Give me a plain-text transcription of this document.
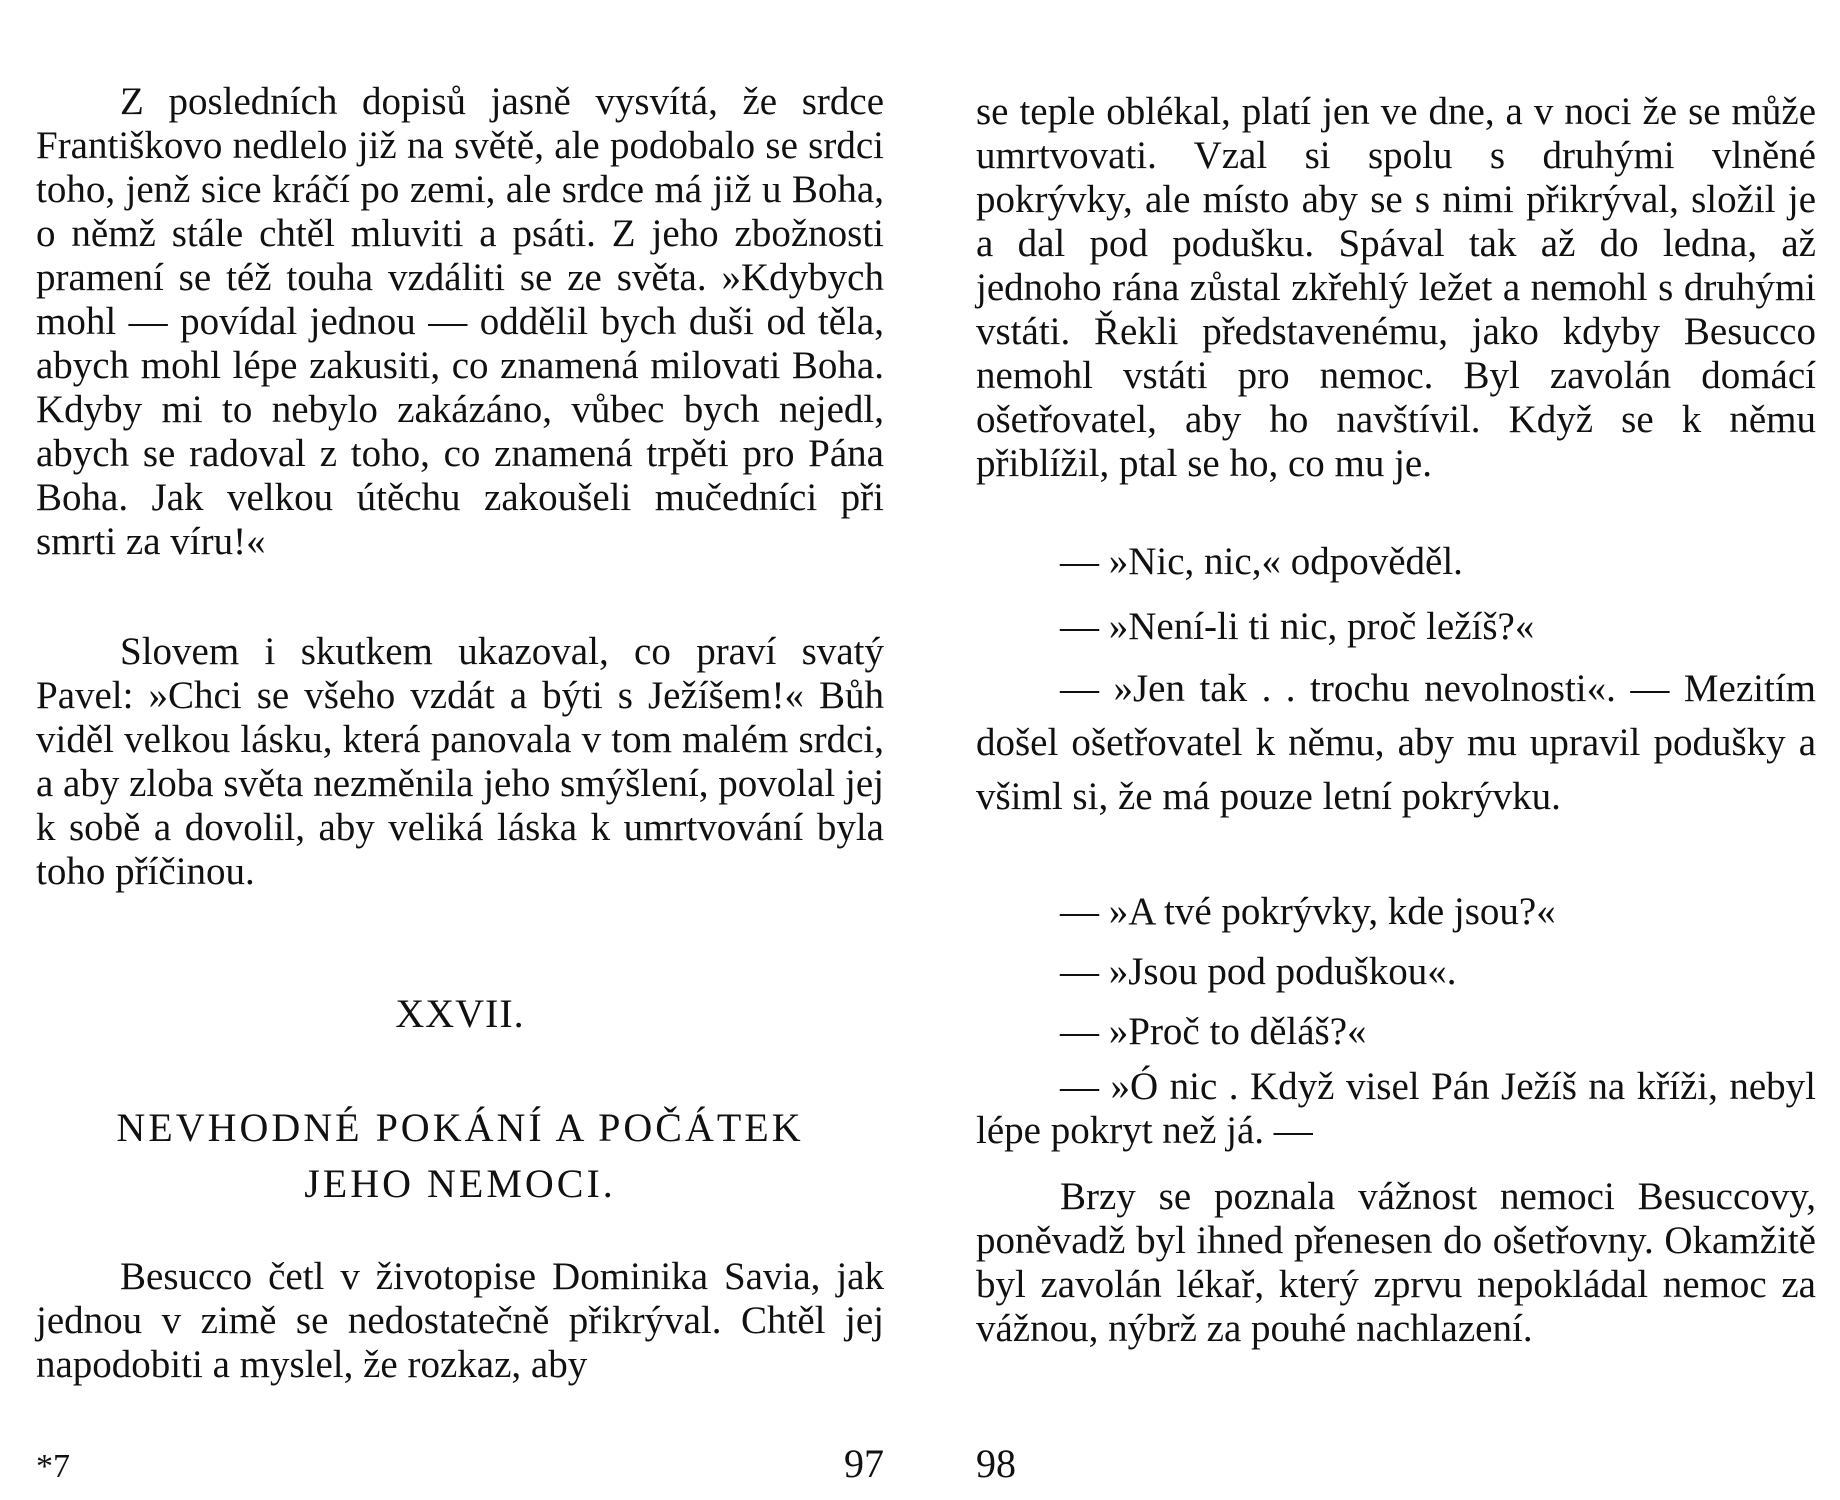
Z posledních dopisů jasně vysvítá, že srdce Františkovo nedlelo již na světě, ale podobalo se srdci toho, jenž sice kráčí po zemi, ale srdce má již u Boha, o němž stále chtěl mluviti a psáti. Z jeho zbožnosti pramení se též touha vzdáliti se ze světa. »Kdybych mohl — povídal jednou — oddělil bych duši od těla, abych mohl lépe zakusiti, co znamená milovati Boha. Kdyby mi to nebylo zakázáno, vůbec bych nejedl, abych se radoval z toho, co znamená trpěti pro Pána Boha. Jak velkou útěchu zakoušeli mučedníci při smrti za víru!«

Slovem i skutkem ukazoval, co praví svatý Pavel: »Chci se všeho vzdát a býti s Ježíšem!« Bůh viděl velkou lásku, která panovala v tom malém srdci, a aby zloba světa nezměnila jeho smýšlení, povolal jej k sobě a dovolil, aby veliká láska k umrtvování byla toho příčinou.

XXVII.
NEVHODNÉ POKÁNÍ A POČÁTEK
JEHO NEMOCI.

Besucco četl v životopise Dominika Savia, jak jednou v zimě se nedostatečně přikrýval. Chtěl jej napodobiti a myslel, že rozkaz, aby

*7	97

se teple oblékal, platí jen ve dne, a v noci že se může umrtvovati. Vzal si spolu s druhými vlněné pokrývky, ale místo aby se s nimi přikrýval, složil je a dal pod podušku. Spával tak až do ledna, až jednoho rána zůstal zkřehlý ležet a nemohl s druhými vstáti. Řekli představenému, jako kdyby Besucco nemohl vstáti pro nemoc. Byl zavolán domácí ošetřovatel, aby ho navštívil. Když se k němu přiblížil, ptal se ho, co mu je.

— »Nic, nic,« odpověděl.

— »Není-li ti nic, proč ležíš?«

— »Jen tak . . trochu nevolnosti«. — Mezitím došel ošetřovatel k němu, aby mu upravil podušky a všiml si, že má pouze letní pokrývku.

— »A tvé pokrývky, kde jsou?«

— »Jsou pod poduškou«.

— »Proč to děláš?«

— »Ó nic . Když visel Pán Ježíš na kříži, nebyl lépe pokryt než já. —

Brzy se poznala vážnost nemoci Besuccovy, poněvadž byl ihned přenesen do ošetřovny. Okamžitě byl zavolán lékař, který zprvu nepokládal nemoc za vážnou, nýbrž za pouhé nachlazení.

98
